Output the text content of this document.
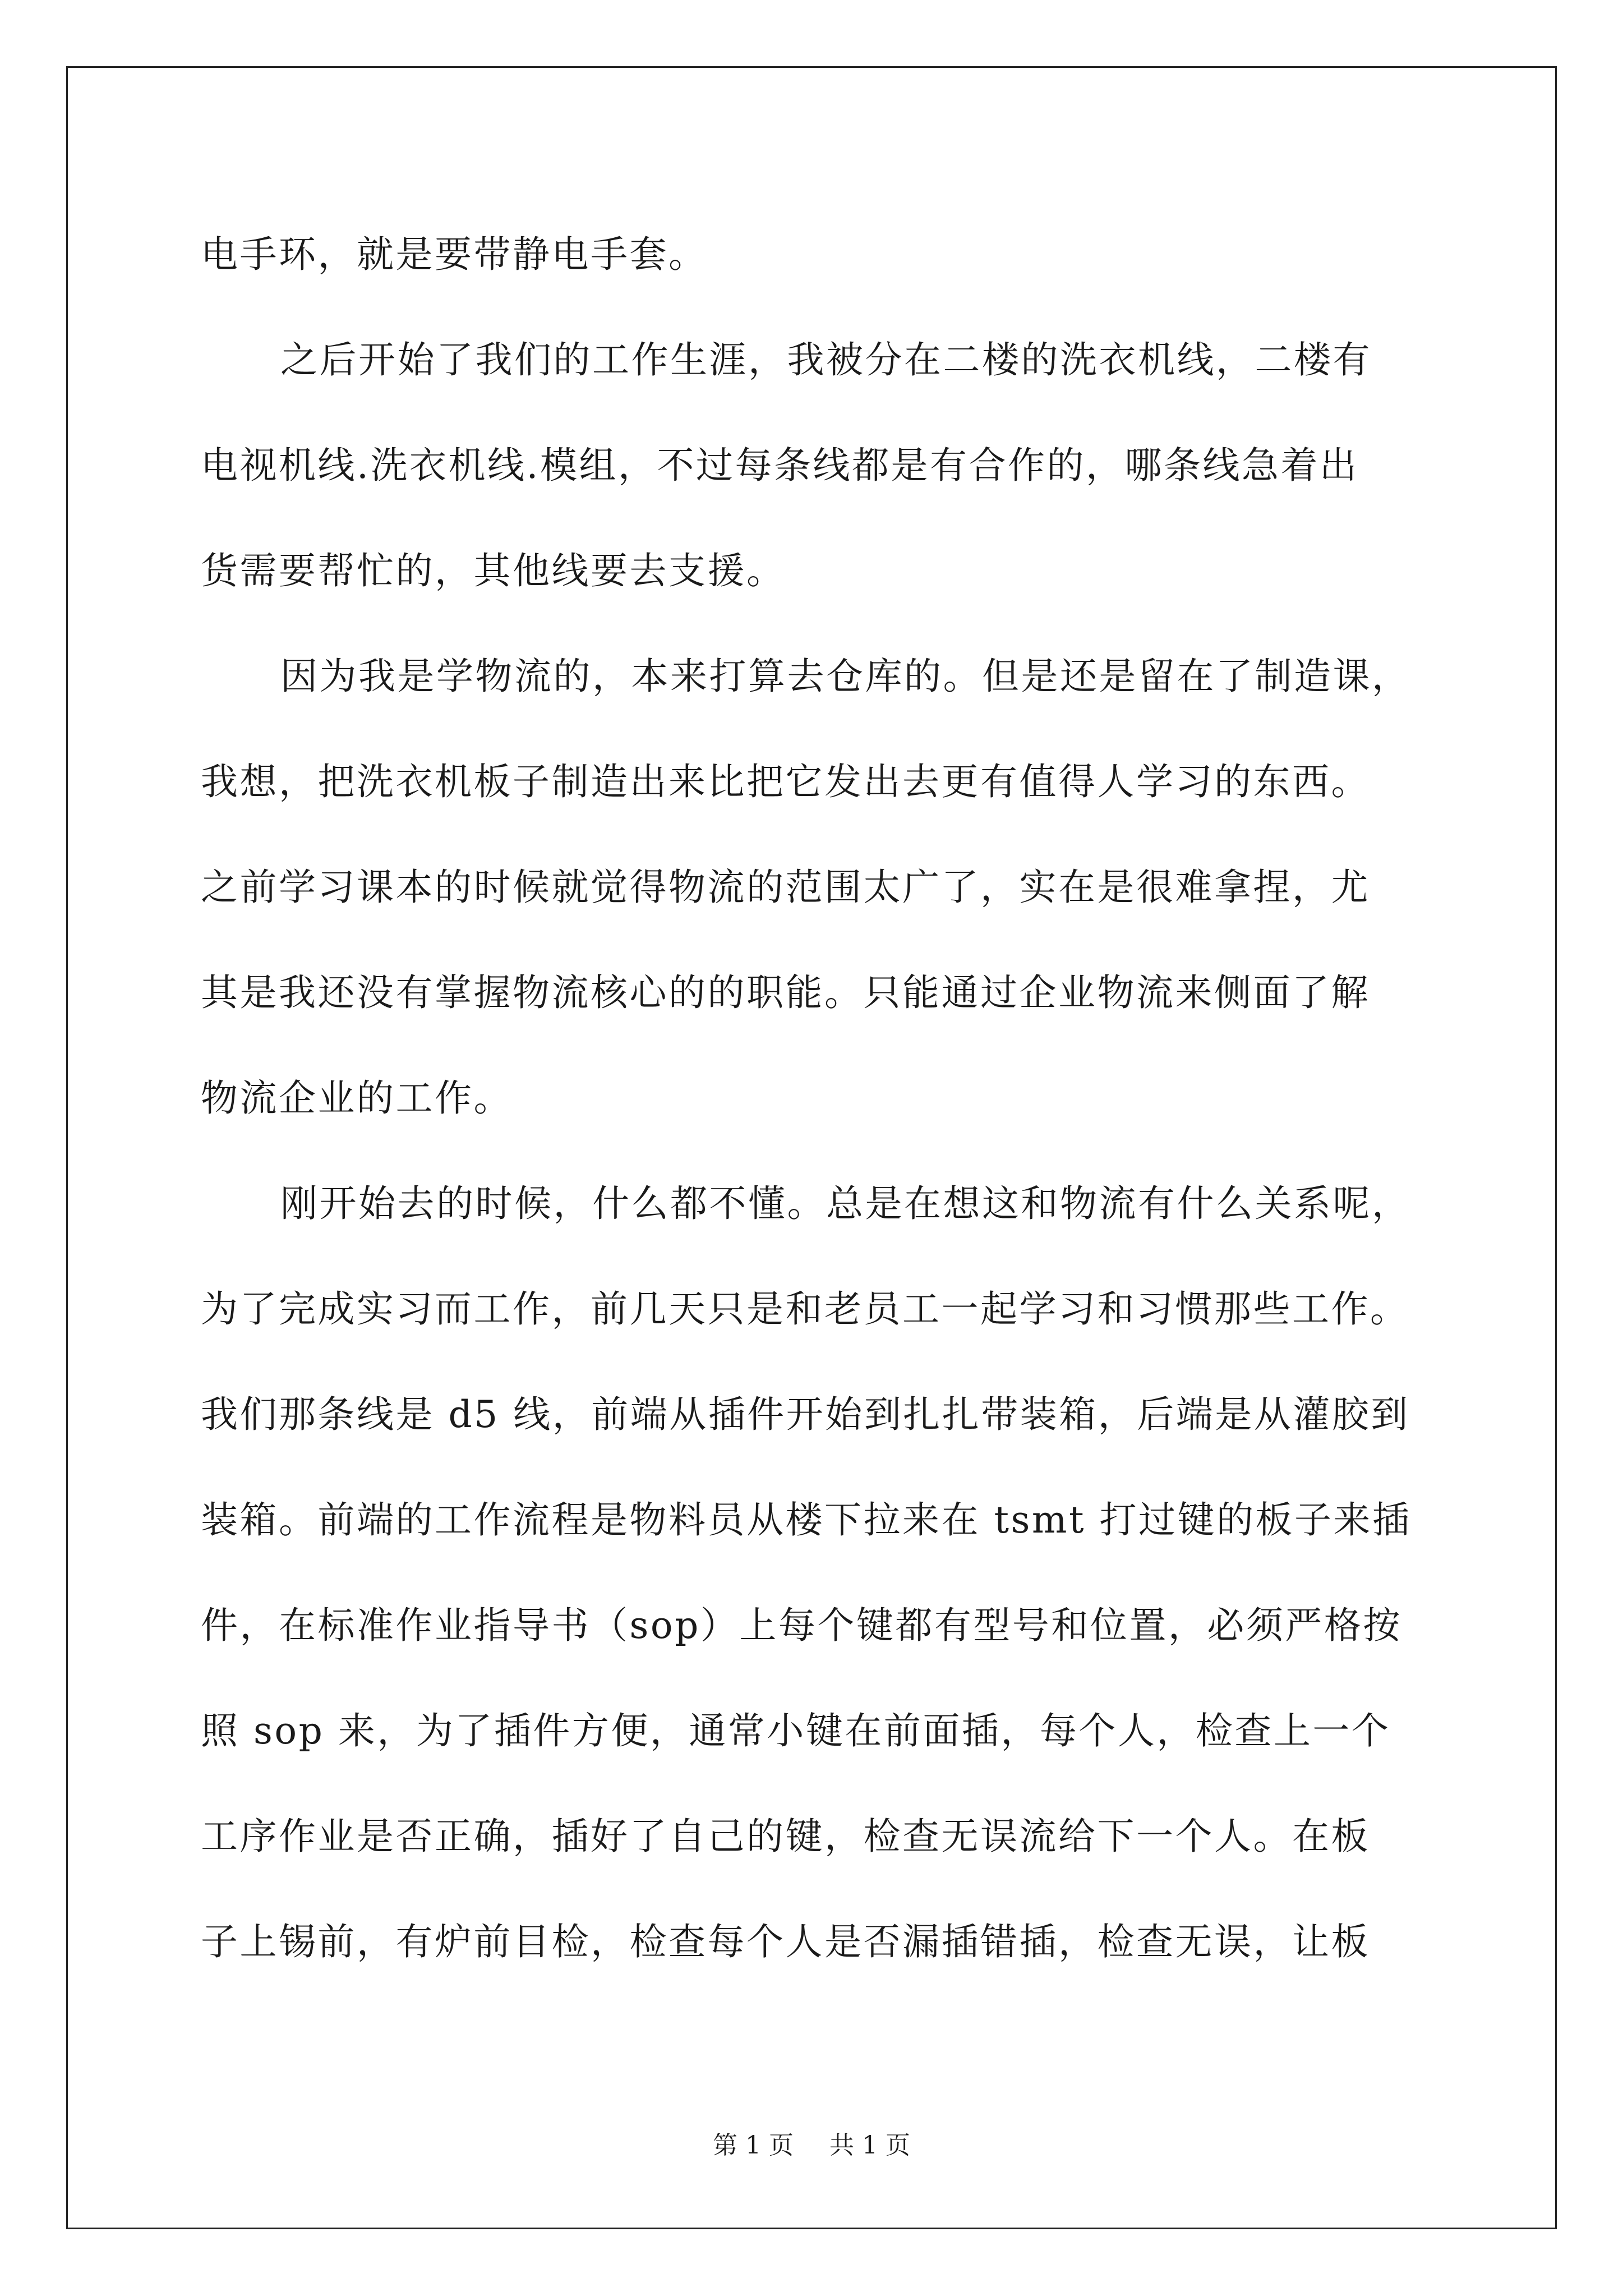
电手环，就是要带静电手套。
之后开始了我们的工作生涯，我被分在二楼的洗衣机线，二楼有
电视机线.洗衣机线.模组，不过每条线都是有合作的，哪条线急着出
货需要帮忙的，其他线要去支援。
因为我是学物流的，本来打算去仓库的。但是还是留在了制造课，
我想，把洗衣机板子制造出来比把它发出去更有值得人学习的东西。
之前学习课本的时候就觉得物流的范围太广了，实在是很难拿捏，尤
其是我还没有掌握物流核心的的职能。只能通过企业物流来侧面了解
物流企业的工作。
刚开始去的时候，什么都不懂。总是在想这和物流有什么关系呢，
为了完成实习而工作，前几天只是和老员工一起学习和习惯那些工作。
我们那条线是 d5 线，前端从插件开始到扎扎带装箱，后端是从灌胶到
装箱。前端的工作流程是物料员从楼下拉来在 tsmt 打过键的板子来插
件，在标准作业指导书（sop）上每个键都有型号和位置，必须严格按
照 sop 来，为了插件方便，通常小键在前面插，每个人，检查上一个
工序作业是否正确，插好了自己的键，检查无误流给下一个人。在板
子上锡前，有炉前目检，检查每个人是否漏插错插，检查无误，让板
第 1 页 共 1 页
